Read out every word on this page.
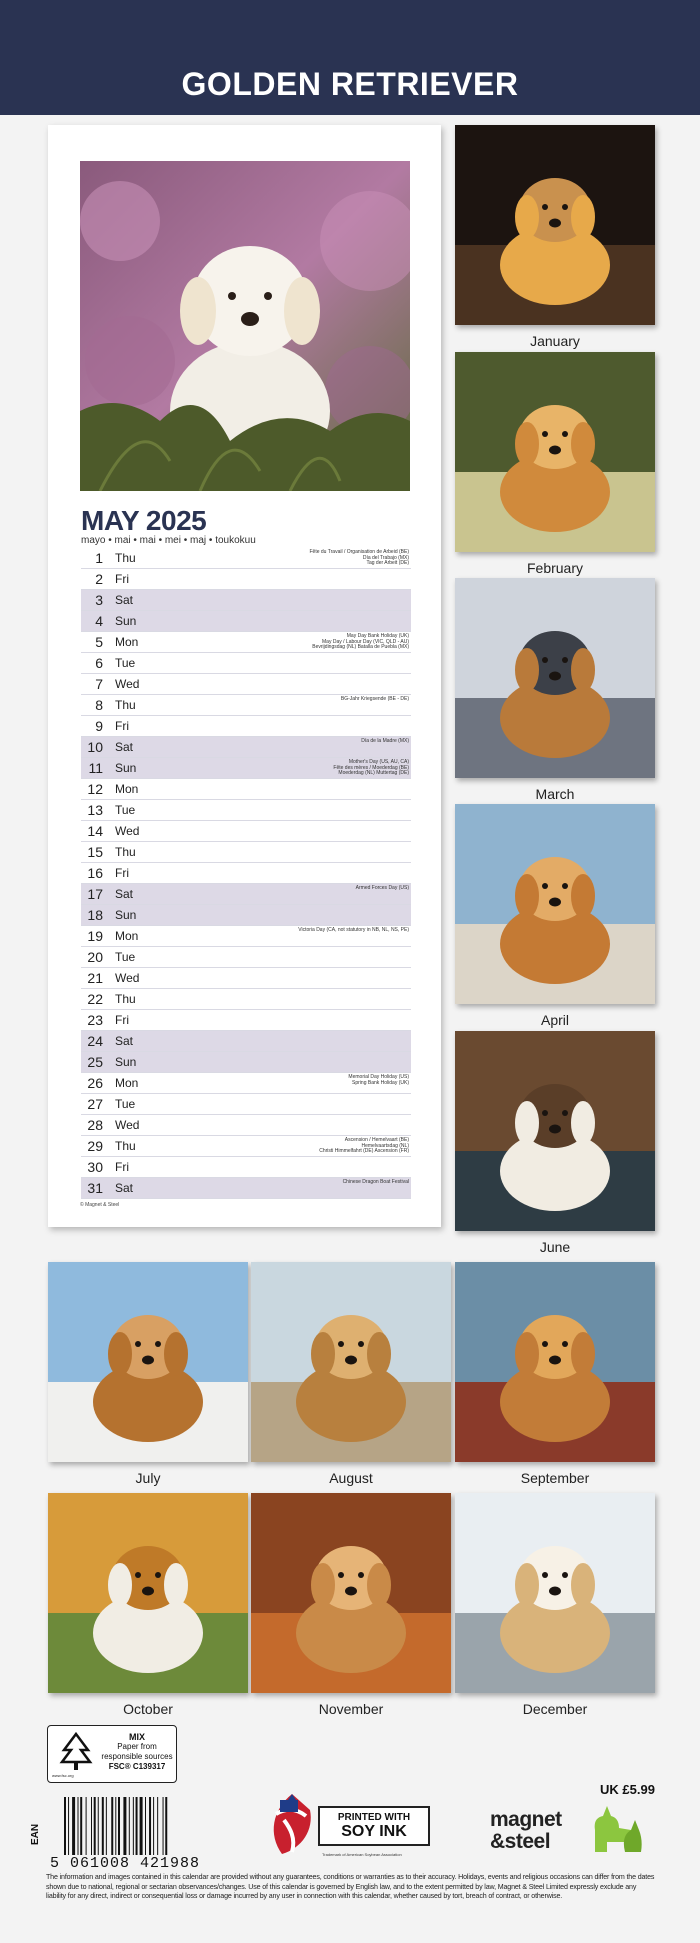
GOLDEN RETRIEVER
MAY 2025
mayo • mai • mai • mei • maj • toukokuu
1 Thu	Fête du Travail / Organisation de Arbeid (BE)
Día del Trabajo (MX)
Tag der Arbeit (DE)
2 Fri
3 Sat
4 Sun
5 Mon	May Day Bank Holiday (UK)
May Day / Labour Day (VIC, QLD - AU)
Bevrijdingsdag (NL) Batalla de Puebla (MX)
6 Tue
7 Wed
8 Thu	BG-Jahr Kriegsende (BE - DE)
9 Fri
10 Sat	Día de la Madre (MX)
11 Sun	Mother's Day (US, AU, CA)
Fête des mères / Moederdag (BE)
Moederdag (NL) Muttertag (DE)
12 Mon
13 Tue
14 Wed
15 Thu
16 Fri
17 Sat	Armed Forces Day (US)
18 Sun
19 Mon	Victoria Day (CA, not statutory in NB, NL, NS, PE)
20 Tue
21 Wed
22 Thu
23 Fri
24 Sat
25 Sun
26 Mon	Memorial Day Holiday (US)
Spring Bank Holiday (UK)
27 Tue
28 Wed
29 Thu	Ascension / Hemelvaart (BE)
Hemelvaartsdag (NL)
Christi Himmelfahrt (DE) Ascension (FR)
30 Fri
31 Sat	Chinese Dragon Boat Festival
© Magnet & Steel
January
February
March
April
June
July	August	September
October	November	December
MIX
Paper from
responsible sources
FSC® C139317
www.fsc.org
UK £5.99
EAN
5 061008 421988
PRINTED WITH
SOY INK
Trademark of American Soybean Association
magnet
&steel
The information and images contained in this calendar are provided without any guarantees, conditions or warranties as to their accuracy. Holidays, events and religious occasions can differ from the dates shown due to national, regional or sectarian observances/changes. Use of this calendar is governed by English law, and to the extent permitted by law, Magnet & Steel Limited expressly exclude any liability for any direct, indirect or consequential loss or damage incurred by any user in connection with this calendar, whether caused by tort, breach of contract, or otherwise.
